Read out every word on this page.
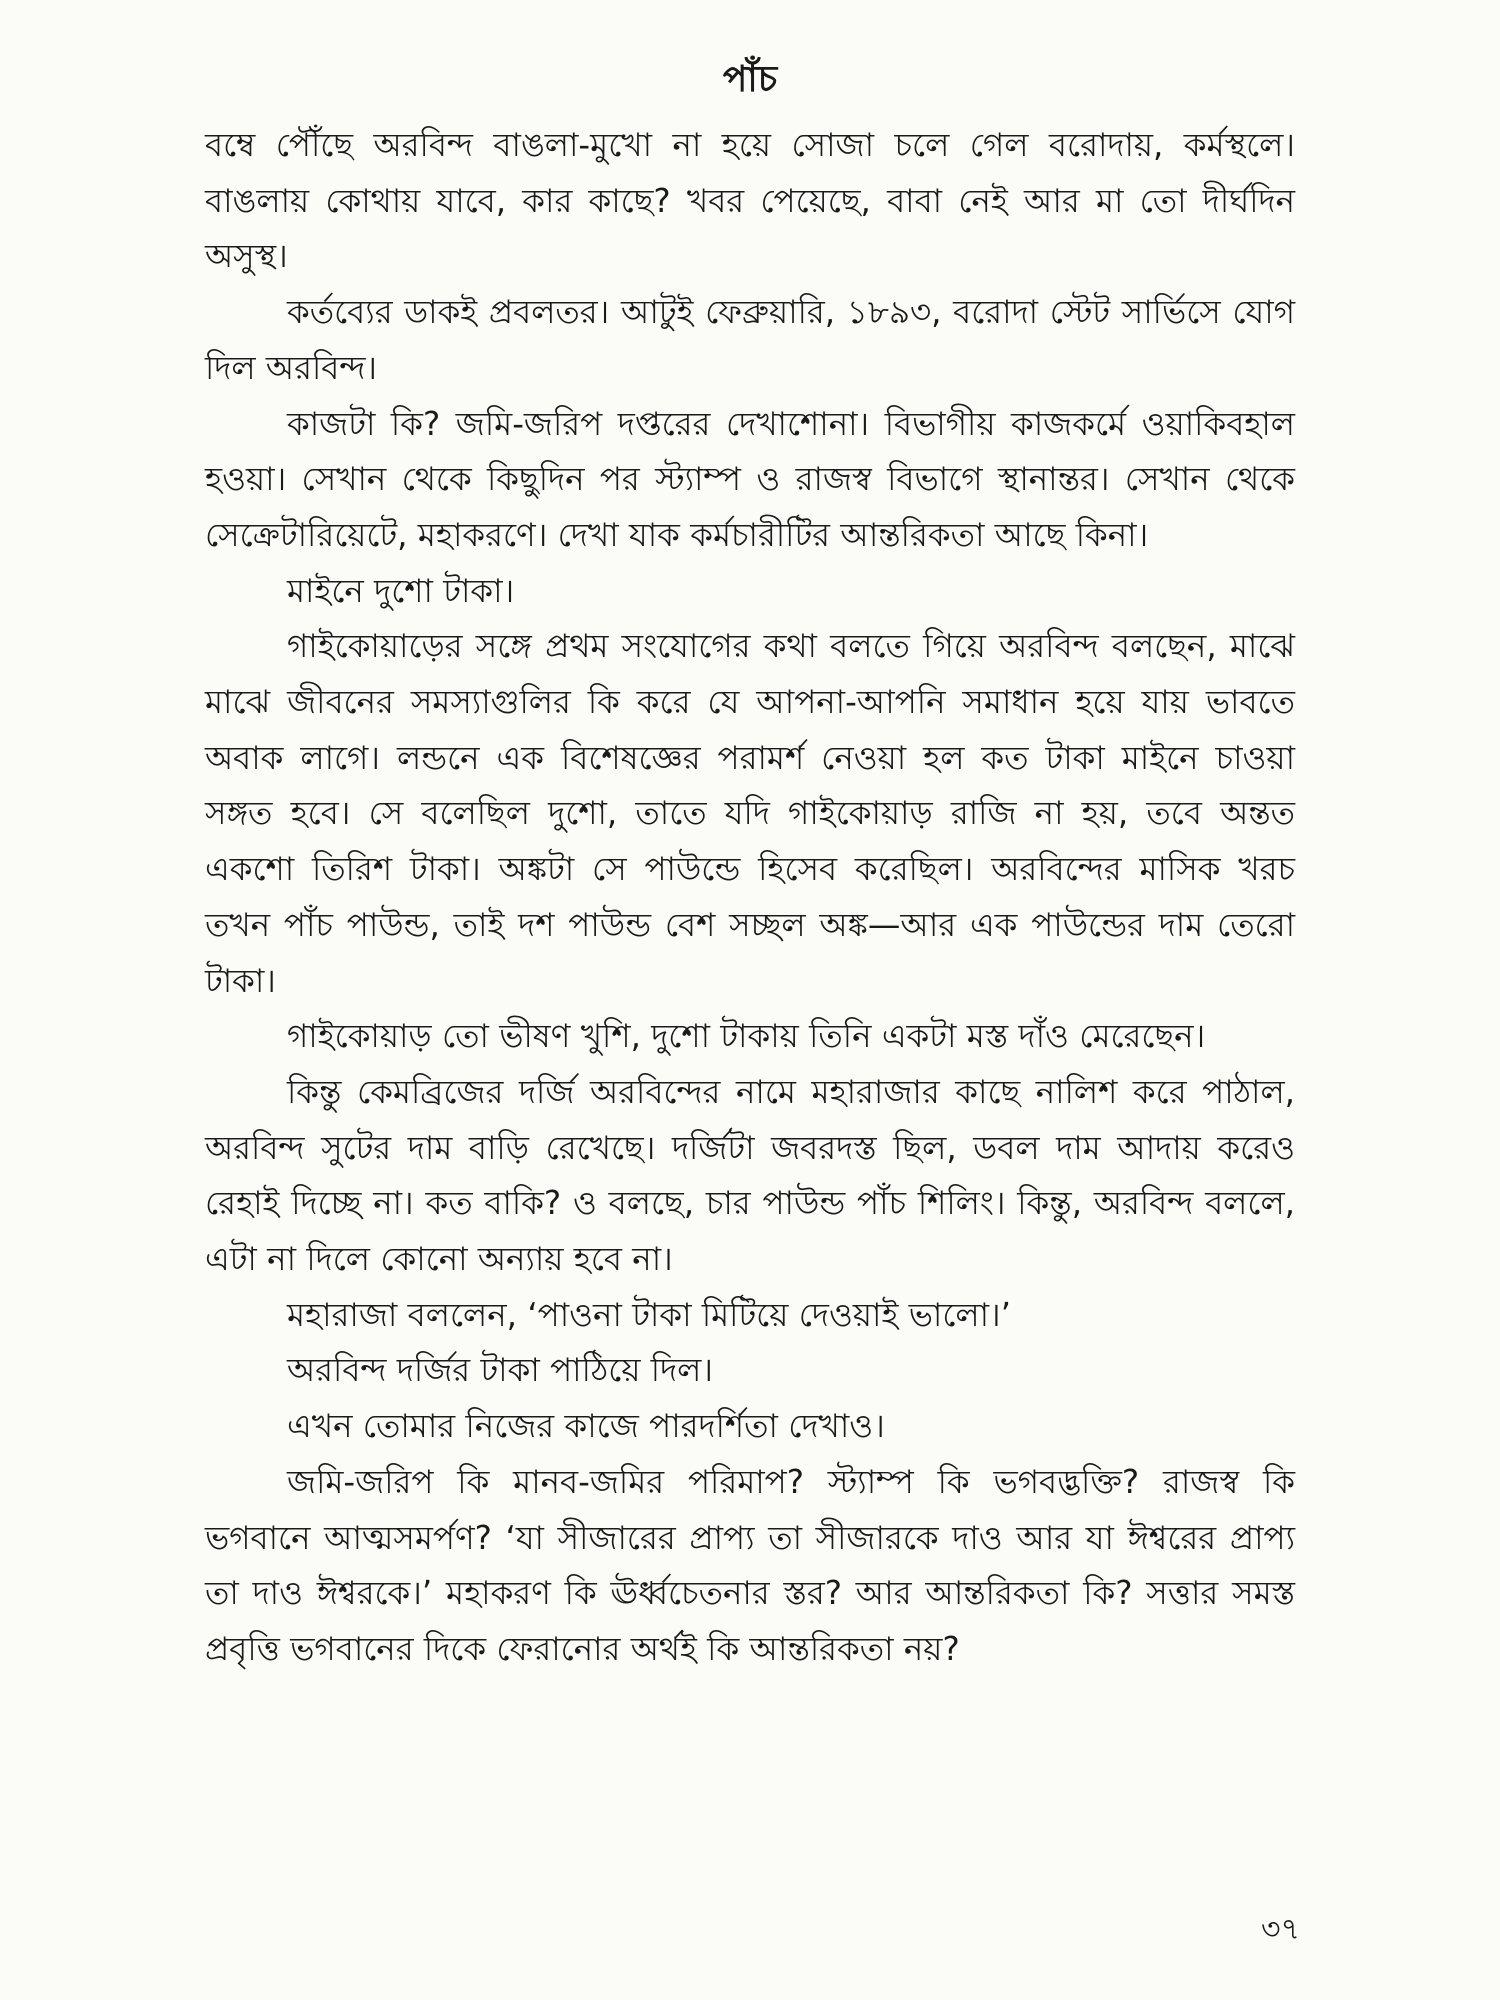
পাঁচ

বম্বে পৌঁছে অরবিন্দ বাঙলা-মুখো না হয়ে সোজা চলে গেল বরোদায়, কর্মস্থলে। বাঙলায় কোথায় যাবে, কার কাছে? খবর পেয়েছে, বাবা নেই আর মা তো দীর্ঘদিন অসুস্থ।

কর্তব্যের ডাকই প্রবলতর। আটুই ফেব্রুয়ারি, ১৮৯৩, বরোদা স্টেট সার্ভিসে যোগ দিল অরবিন্দ।

কাজটা কি? জমি-জরিপ দপ্তরের দেখাশোনা। বিভাগীয় কাজকর্মে ওয়াকিবহাল হওয়া। সেখান থেকে কিছুদিন পর স্ট্যাম্প ও রাজস্ব বিভাগে স্থানান্তর। সেখান থেকে সেক্রেটারিয়েটে, মহাকরণে। দেখা যাক কর্মচারীটির আন্তরিকতা আছে কিনা।

মাইনে দুশো টাকা।

গাইকোয়াড়ের সঙ্গে প্রথম সংযোগের কথা বলতে গিয়ে অরবিন্দ বলছেন, মাঝে মাঝে জীবনের সমস্যাগুলির কি করে যে আপনা-আপনি সমাধান হয়ে যায় ভাবতে অবাক লাগে। লন্ডনে এক বিশেষজ্ঞের পরামর্শ নেওয়া হল কত টাকা মাইনে চাওয়া সঙ্গত হবে। সে বলেছিল দুশো, তাতে যদি গাইকোয়াড় রাজি না হয়, তবে অন্তত একশো তিরিশ টাকা। অঙ্কটা সে পাউন্ডে হিসেব করেছিল। অরবিন্দের মাসিক খরচ তখন পাঁচ পাউন্ড, তাই দশ পাউন্ড বেশ সচ্ছল অঙ্ক—আর এক পাউন্ডের দাম তেরো টাকা।

গাইকোয়াড় তো ভীষণ খুশি, দুশো টাকায় তিনি একটা মস্ত দাঁও মেরেছেন।

কিন্তু কেমব্রিজের দর্জি অরবিন্দের নামে মহারাজার কাছে নালিশ করে পাঠাল, অরবিন্দ সুটের দাম বাড়ি রেখেছে। দর্জিটা জবরদস্ত ছিল, ডবল দাম আদায় করেও রেহাই দিচ্ছে না। কত বাকি? ও বলছে, চার পাউন্ড পাঁচ শিলিং। কিন্তু, অরবিন্দ বললে, এটা না দিলে কোনো অন্যায় হবে না।

মহারাজা বললেন, ‘পাওনা টাকা মিটিয়ে দেওয়াই ভালো।’

অরবিন্দ দর্জির টাকা পাঠিয়ে দিল।

এখন তোমার নিজের কাজে পারদর্শিতা দেখাও।

জমি-জরিপ কি মানব-জমির পরিমাপ? স্ট্যাম্প কি ভগবদ্ভক্তি? রাজস্ব কি ভগবানে আত্মসমর্পণ? ‘যা সীজারের প্রাপ্য তা সীজারকে দাও আর যা ঈশ্বরের প্রাপ্য তা দাও ঈশ্বরকে।’ মহাকরণ কি ঊর্ধ্বচেতনার স্তর? আর আন্তরিকতা কি? সত্তার সমস্ত প্রবৃত্তি ভগবানের দিকে ফেরানোর অর্থই কি আন্তরিকতা নয়?

৩৭
